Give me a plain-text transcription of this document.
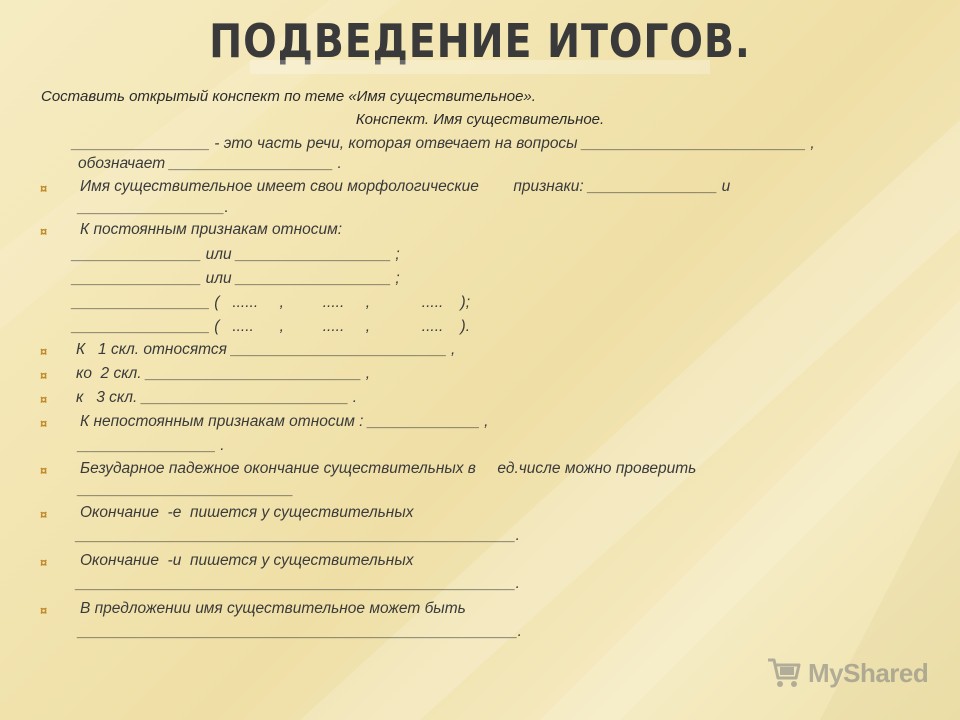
ПОДВЕДЕНИЕ ИТОГОВ.
Составить открытый конспект по теме «Имя существительное».
Конспект. Имя существительное.
________________ - это часть речи, которая отвечает на вопросы __________________________ ,
обозначает ___________________ .
¤ Имя существительное имеет свои морфологические        признаки: _______________ и
_________________.
¤ К постоянным признакам относим:
_______________ или __________________ ;
_______________ или __________________ ;
________________ (   ......     ,         .....     ,            .....    );
________________ (   .....      ,         .....     ,            .....    ).
¤ К   1 скл. относятся _________________________ ,
¤ ко  2 скл. _________________________ ,
¤ к   3 скл. ________________________ .
¤ К непостоянным признакам относим : _____________ ,
________________ .
¤ Безударное падежное окончание существительных в     ед.числе можно проверить
_________________________
¤ Окончание  -е  пишется у существительных
___________________________________________________.
¤ Окончание  -и  пишется у существительных
___________________________________________________.
¤ В предложении имя существительное может быть
___________________________________________________.
MyShared
